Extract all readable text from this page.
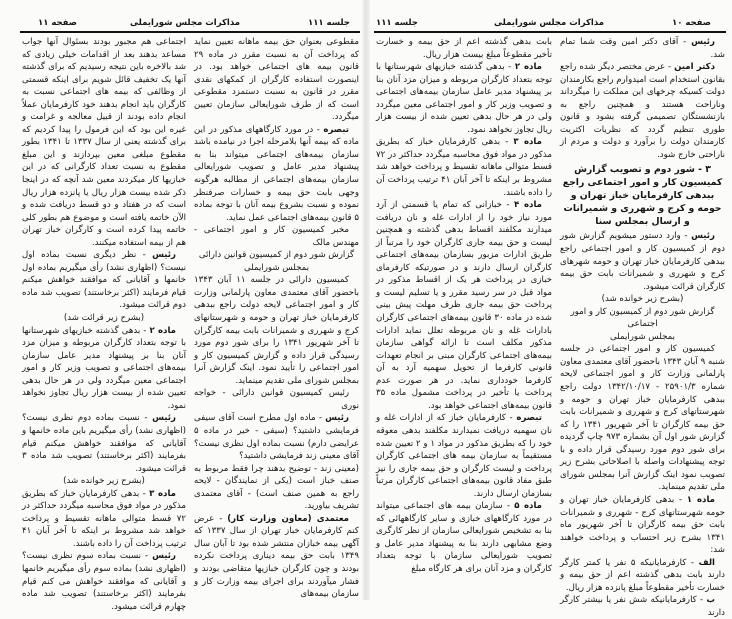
صفحه ۱۱	مذاکرات مجلس شورایملی	جلسه ۱۱۱

اجتماعی هم مجبور بودند بسئوال آنها جواب مساعد بدهند بعد از اقدامات خیلی زیادی که شد بالاخره باین نتیجه رسیدیم که برای گذشته آنها یک تخفیف قائل شویم برای اینکه قسمتی از وظائفی که بیمه های اجتماعی نسبت به کارگران باید انجام بدهند خود کارفرمایان عملاً انجام داده بودند از قبیل معالجه و غرامت و غیره این بود که این فرمول را پیدا کردیم که برای گذشته یعنی از سال ۱۳۳۷ تا ۱۳۴۱ بطور مقطوع مبلغی معین بپردازند و این مبلغ مقطوع به نسبت تعداد کارگرانی که در این خبازیها کار میکردند معین شد آنچه که در اینجا ذکر شده بیست هزار ریال یا پانزده هزار ریال است که در هفتاد و دو قسط دریافت شده و الآن خاتمه یافته است و موضوع هم بطور کلی خاتمه پیدا کرده است و کارگران خباز تهران هم از بیمه استفاده میکنند.

رئیس - نظر دیگری نسبت بماده اول نیست؟ (اظهاری نشد) رأی میگیریم بماده اول خانمها و آقایانی که موافقند خواهش میکنم قیام فرمایند (اکثر برخاستند) تصویب شد ماده دوم قرائت میشود.

(بشرح زیر قرائت شد)

ماده ۲ - بدهی گذشته خبازیهای شهرستانها با توجه بتعداد کارگران مربوطه و میزان مزد آنان بنا بر پیشنهاد مدیر عامل سازمان بیمه‌های اجتماعی و تصویب وزیر کار و امور اجتماعی معین میگردد ولی در هر حال بدهی تعیین شده از بیست هزار ریال تجاوز نخواهد نمود.

رئیس - نسبت بماده دوم نظری نیست؟ (اظهاری نشد) رأی میگیریم باین ماده خانمها و آقایانی که موافقند خواهش میکنم قیام بفرمایند (اکثر برخاستند) تصویب شد ماده ۳ قرائت میشود.

(بشرح زیر خوانده شد)

ماده ۳ - بدهی کارفرمایان خباز که بطریق مذکور در مواد فوق محاسبه میگردد حداکثر در ۷۲ قسط متوالی ماهانه تقسیط و پرداخت خواهد شد مشروط بر اینکه تا آخر آبان ۴۱ ترتیب پرداخت آن را داده باشند.

رئیس - نسبت بماده سوم نظری نیست؟ (اظهاری نشد) بماده سوم رأی میگیریم خانمها و آقایانی که موافقند خواهش می کنم قیام بفرمایند (اکثر برخاستند) تصویب شد ماده چهارم قرائت میشود.

مقطوعی بعنوان حق بیمه ماهانه تعیین نماید که پرداخت آن به نسبت مقرر در ماده ۲۹ قانون بیمه های اجتماعی خواهد بود. در اینصورت استفاده کارگران از کمکهای نقدی مقرر در قانون به نسبت دستمزد مقطوعی است که از طرف شورایعالی سازمان تعیین میگردد.

تبصره - در مورد کارگاههای مذکور در این ماده که بیمه آنها بلامرحله اجرا در نیامده باشد سازمان بیمه‌های اجتماعی میتواند بنا به پیشنهاد مدیر عامل و تصویب شورایعالی سازمان بیمه‌های اجتماعی از مطالبه هرگونه وجهی بابت حق بیمه و خسارات صرفنظر نموده و نسبت بشروع بیمه آنان با توجه بماده ۵ قانون بیمه‌های اجتماعی عمل نماید.

مخبر کمیسیون کار و امور اجتماعی - مهندس مالک

گزارش شور دوم از کمیسیون قوانین دارائی

بمجلس شورایملی

کمیسیون دارائی در جلسه ۱۱ آبان ۱۳۴۳ باحضور آقای معتمدی معاون پارلمانی وزارت کار و امور اجتماعی لایحه دولت راجع ببدهی کارفرمایان خباز تهران و حومه و شهرستانهای کرج و شهرری و شمیرانات بابت بیمه کارگران تا آخر شهریور ۱۳۴۱ را برای شور دوم مورد رسیدگی قرار داده و گزارش کمیسیون کار و امور اجتماعی را تأیید نمود. اینک گزارش آنرا بمجلس شورای ملی تقدیم مینماید.

رئیس کمیسیون قوانین دارائی - خواجه نوری

رئیس - ماده اول مطرح است آقای سیفی فرمایشی داشتید؟ (سیفی - خیر در ماده ۵ عرایضی دارم) نسبت بماده اول نظری نیست؟ آقای معینی زند فرمایشی داشتید؟

(معینی زند - توضیح بدهند چرا فقط مربوط به صنف خباز است (یکی از نمایندگان - لایحه راجع به همین صنف است) - آقای معتمدی تشریف بیاورید.

معتمدی (معاون وزارت کار) - عرض کنم کارفرمایان خباز تهران از سال ۱۳۳۷ که آگهی بیمه خبازان منتشر شده بود تا آبان سال ۱۳۴۹ بابت حق بیمه دیناری پرداخت نکرده بودند و چون کارگران خبازیها متقاضی بودند و فشار میآوردند برای اجرای بیمه وزارت کار و سازمان بیمه‌های

جلسه ۱۱۱	مذاکرات مجلس شورایملی	صفحه ۱۰

بابت بدهی گذشته اعم از حق بیمه و خسارت تأخیر مقطوعاً مبلغ بیست هزار ریال.

ماده ۲ - بدهی گذشته خبازیهای شهرستانها با توجه بتعداد کارگران مربوطه و میزان مزد آنان بنا بر پیشنهاد مدیر عامل سازمان بیمه‌های اجتماعی و تصویب وزیر کار و امور اجتماعی معین میگردد ولی در هر حال بدهی تعیین شده از بیست هزار ریال تجاوز نخواهد نمود.

ماده ۳ - بدهی کارفرمایان خباز که بطریق مذکور در مواد فوق محاسبه میگردد حداکثر در ۷۲ قسط متوالی ماهانه تقسیط و پرداخت خواهد شد مشروط بر اینکه تا آخر آبان ۴۱ ترتیب پرداخت آن را داده باشند.

ماده ۴ - خبازانی که تمام یا قسمتی از آرد مورد نیاز خود را از ادارات غله و نان دریافت میدارند مکلفند اقساط بدهی گذشته و همچنین لیست و حق بیمه جاری کارگران خود را مرتباً از طریق ادارات مزبور بسازمان بیمه‌های اجتماعی کارگران ارسال دارند و در صورتیکه کارفرمای خبازی در پرداخت هر یک از اقساط مذکور در مواد قبل در سر رسید مقرر و یا تسلیم لیست و پرداخت حق بیمه جاری ظرف مهلت پیش بینی شده در ماده ۳۰ قانون بیمه‌های اجتماعی کارگران بادارات غله و نان مربوطه تعلل نماید ادارات مذکور مکلف است تا ارائه گواهی سازمان بیمه‌های اجتماعی کارگران مبنی بر انجام تعهدات قانونی کارفرما از تحویل سهمیه آرد به آن کارفرما خودداری نماید. در هر صورت عدم پرداخت یا تأخیر در پرداخت مشمول ماده ۳۵ قانون بیمه‌های اجتماعی خواهد بود.

تبصره - کارفرمایان خباز که از ادارات غله و نان سهمیه دریافت نمیدارند مکلفند بدهی معوقه خود را که بطریق مذکور در مواد ۱ و ۲ تعیین شده مستقیماً به سازمان بیمه های اجتماعی کارگران پرداخت و لیست کارگران و حق بیمه جاری را نیز طبق مفاد قانون بیمه‌های اجتماعی کارگران مرتباً بسازمان ارسال دارند.

ماده ۵ - سازمان بیمه های اجتماعی میتواند در مورد کارگاههای خبازی و سایر کارگاههائی که بنا به تشخیص شورایعالی سازمان از نظر کارگری وضع مشابهی دارند بنا به پیشنهاد مدیر عامل و تصویب شورایعالی سازمان با توجه بتعداد کارگران و مزد آنان برای هر کارگاه مبلغ

رئیس - آقای دکتر امین وقت شما تمام شد.

دکتر امین - عرض مختصر دیگر شده راجع بقانون استخدام است امیدوارم راجع بکارمندان دولت کسیکه چرخهای این مملکت را میگرداند وناراحت هستند و همچنین راجع به بازنشستگان تصمیمی گرفته بشود و قانون طوری تنظیم گردد که نظریات اکثریت کارمندان دولت را برآورد و دولت و مردم از ناراحتی خارج شود.

۳ - شور دوم و تصویب گزارش کمیسیون کار و امور اجتماعی راجع ببدهی کارفرمایان خباز تهران و حومه و کرج و شهرری و شمیرانات و ارسال بمجلس سنا

رئیس - وارد دستور میشویم گزارش شور دوم از کمیسیون کار و امور اجتماعی راجع ببدهی کارفرمایان خباز تهران و حومه شهرهای کرج و شهرری و شمیرانات بابت حق بیمه کارگران قرائت میشود.

(بشرح زیر خوانده شد)

گزارش شور دوم از کمیسیون کار و امور اجتماعی

بمجلس شورایملی

کمیسیون کار و امور اجتماعی در جلسه شنبه ۹ آبان ۱۳۴۳ باحضور آقای معتمدی معاون پارلمانی وزارت کار و امور اجتماعی لایحه شماره ۲۵۹۰۱/۳ - ۱۳۴۲/۱۰/۱۷ دولت راجع ببدهی کارفرمایان خباز تهران و حومه و شهرستانهای کرج و شهرری و شمیرانات بابت حق بیمه کارگران تا آخر شهریور ۱۳۴۱ را که گزارش شور اول آن بشماره ۹۷۳ چاپ گردیده برای شور دوم مورد رسیدگی قرار داده و با توجه پیشنهادات واصله با اصلاحاتی بشرح زیر تصویب نمود اینک گزارش آنرا بمجلس شورای ملی تقدیم مینماید.

ماده ۱ - بدهی کارفرمایان خباز تهران و حومه شهرستانهای کرج - شهرری و شمیرانات بابت حق بیمه کارگران تا آخر شهریور ماه ۱۳۴۱ بشرح زیر احتساب و پرداخت خواهند شد:

الف - کارفرمایانیکه ۵ نفر یا کمتر کارگر دارند بابت بدهی گذشته اعم از حق بیمه و خسارت تأخیر مقطوعاً مبلغ پانزده هزار ریال.

ب - کارفرمایانیکه شش نفر یا بیشتر کارگر دارند
